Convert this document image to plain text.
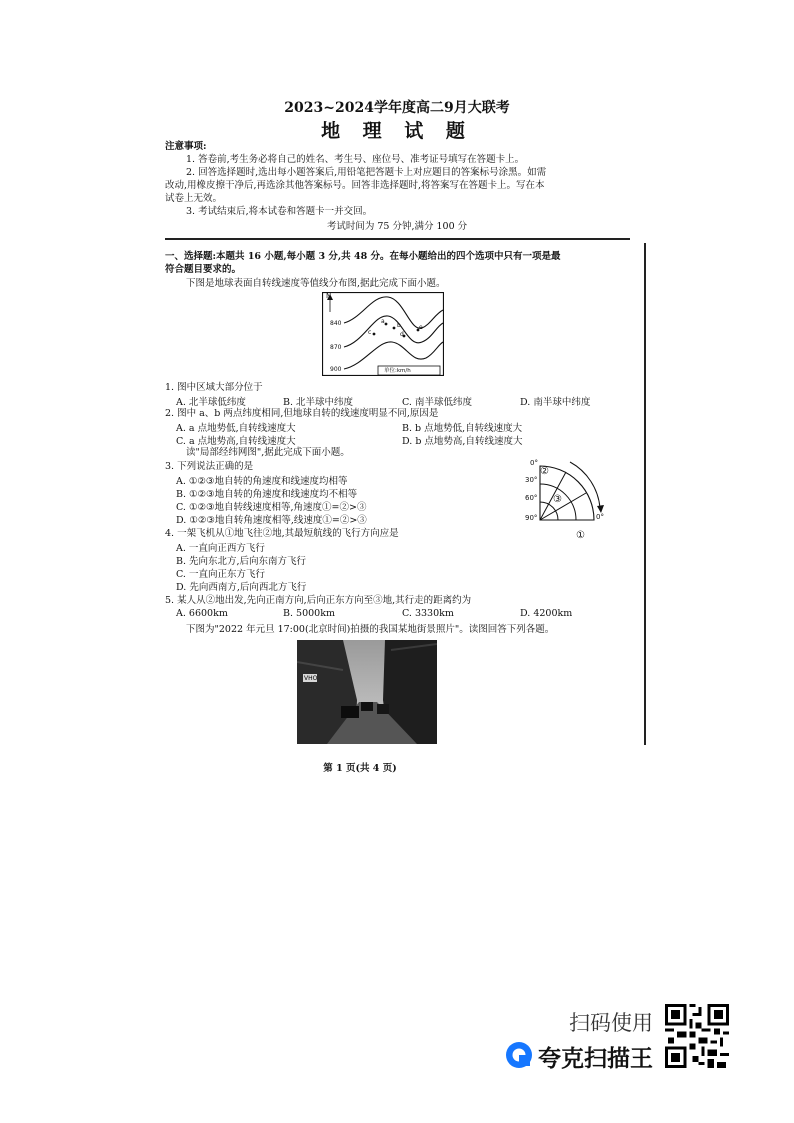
2023~2024学年度高二9月大联考
地 理 试 题
注意事项:
1. 答卷前,考生务必将自己的姓名、考生号、座位号、准考证号填写在答题卡上。
2. 回答选择题时,选出每小题答案后,用铅笔把答题卡上对应题目的答案标号涂黑。如需
改动,用橡皮擦干净后,再选涂其他答案标号。回答非选择题时,将答案写在答题卡上。写在本
试卷上无效。
3. 考试结束后,将本试卷和答题卡一并交回。
考试时间为 75 分钟,满分 100 分
一、选择题:本题共 16 小题,每小题 3 分,共 48 分。在每小题给出的四个选项中只有一项是最
符合题目要求的。
下图是地球表面自转线速度等值线分布图,据此完成下面小题。
N
840
870
900
a
b
c	d
e
单位:km/h
1. 图中区域大部分位于
A. 北半球低纬度	B. 北半球中纬度	C. 南半球低纬度	D. 南半球中纬度
2. 图中 a、b 两点纬度相同,但地球自转的线速度明显不同,原因是
A. a 点地势低,自转线速度大	B. b 点地势低,自转线速度大
C. a 点地势高,自转线速度大	D. b 点地势高,自转线速度大
读"局部经纬网图",据此完成下面小题。
0°
30°
60°
90°	0°
②
③
①
3. 下列说法正确的是
A. ①②③地自转的角速度和线速度均相等
B. ①②③地自转的角速度和线速度均不相等
C. ①②③地自转线速度相等,角速度①=②>③
D. ①②③地自转角速度相等,线速度①=②>③
4. 一架飞机从①地飞往②地,其最短航线的飞行方向应是
A. 一直向正西方飞行
B. 先向东北方,后向东南方飞行
C. 一直向正东方飞行
D. 先向西南方,后向西北方飞行
5. 某人从②地出发,先向正南方向,后向正东方向至③地,其行走的距离约为
A. 6600km	B. 5000km	C. 3330km	D. 4200km
下图为"2022 年元旦 17:00(北京时间)拍摄的我国某地街景照片"。读图回答下列各题。
VHO
第 1 页(共 4 页)
扫码使用
夸克扫描王
